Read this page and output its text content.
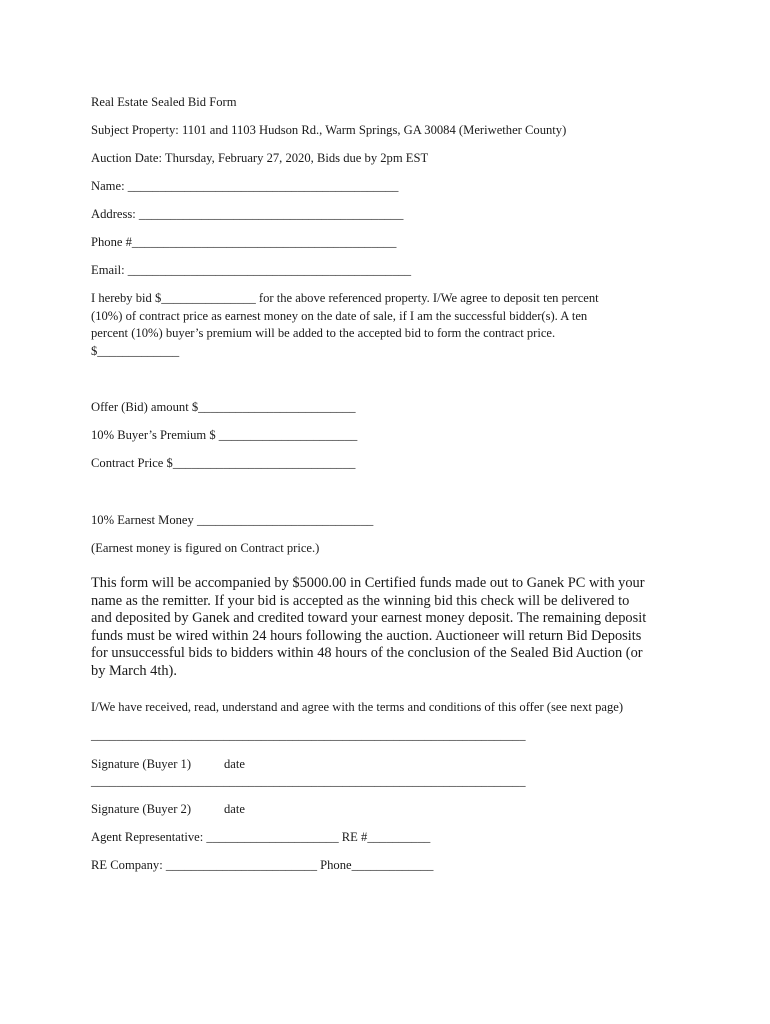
Real Estate Sealed Bid Form
Subject Property: 1101 and 1103 Hudson Rd., Warm Springs, GA 30084 (Meriwether County)
Auction Date: Thursday, February 27, 2020, Bids due by 2pm EST
Name: ___________________________________________
Address: __________________________________________
Phone #__________________________________________
Email: _____________________________________________
I hereby bid $_______________ for the above referenced property. I/We agree to deposit ten percent
(10%) of contract price as earnest money on the date of sale, if I am the successful bidder(s). A ten
percent (10%) buyer’s premium will be added to the accepted bid to form the contract price.
$_____________
Offer (Bid) amount $_________________________
10% Buyer’s Premium $ ______________________
Contract Price $_____________________________
10% Earnest Money ____________________________
(Earnest money is figured on Contract price.)
This form will be accompanied by $5000.00 in Certified funds made out to Ganek PC with your
name as the remitter. If your bid is accepted as the winning bid this check will be delivered to
and deposited by Ganek and credited toward your earnest money deposit. The remaining deposit
funds must be wired within 24 hours following the auction. Auctioneer will return Bid Deposits
for unsuccessful bids to bidders within 48 hours of the conclusion of the Sealed Bid Auction (or
by March 4th).
I/We have received, read, understand and agree with the terms and conditions of this offer (see next page)
_____________________________________________________________________
Signature (Buyer 1)	date
_____________________________________________________________________
Signature (Buyer 2)	date
Agent Representative: _____________________ RE #__________
RE Company: ________________________ Phone_____________
